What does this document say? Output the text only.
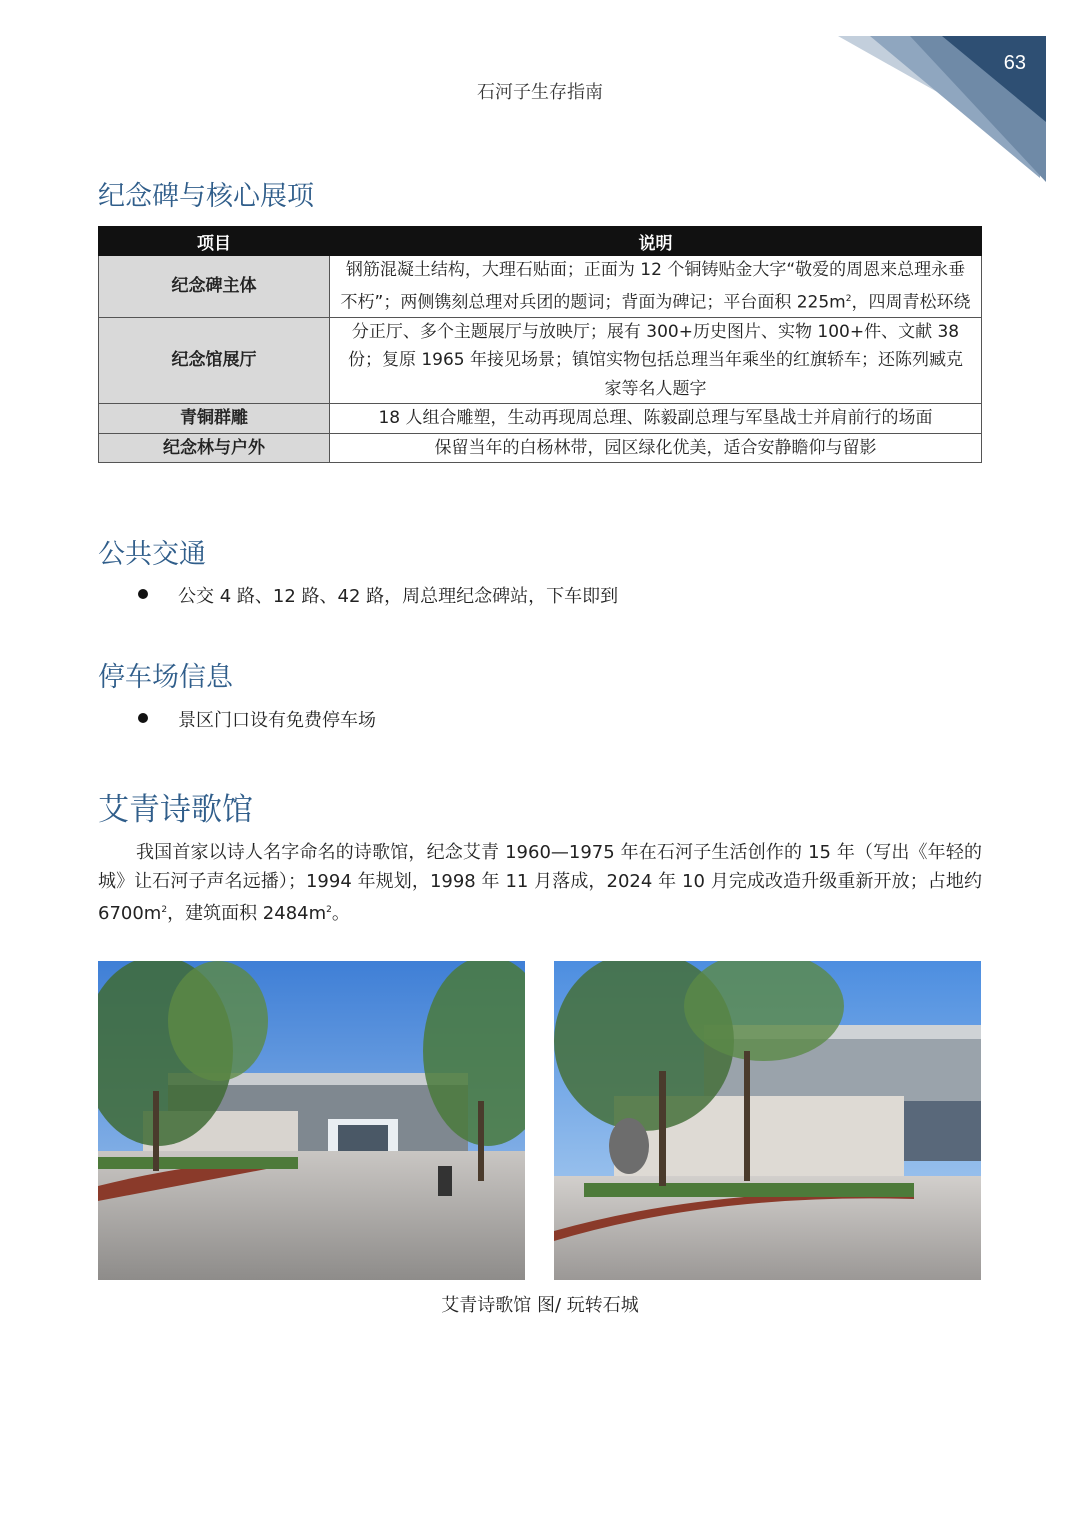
63
石河子生存指南
纪念碑与核心展项
项目	说明
纪念碑主体	钢筋混凝土结构，大理石贴面；正面为 12 个铜铸贴金大字“敬爱的周恩来总理永垂不朽”；两侧镌刻总理对兵团的题词；背面为碑记；平台面积 $225m^2$，四周青松环绕
纪念馆展厅	分正厅、多个主题展厅与放映厅；展有 300+历史图片、实物 100+件、文献 38 份；复原 1965 年接见场景；镇馆实物包括总理当年乘坐的红旗轿车；还陈列臧克家等名人题字
青铜群雕	18 人组合雕塑，生动再现周总理、陈毅副总理与军垦战士并肩前行的场面
纪念林与户外	保留当年的白杨林带，园区绿化优美，适合安静瞻仰与留影
公共交通
公交 4 路、12 路、42 路，周总理纪念碑站，下车即到
停车场信息
景区门口设有免费停车场
艾青诗歌馆

我国首家以诗人名字命名的诗歌馆，纪念艾青 1960—1975 年在石河子生活创作的 15 年（写出《年轻的城》让石河子声名远播）；1994 年规划，1998 年 11 月落成，2024 年 10 月完成改造升级重新开放；占地约 $6700m^2$，建筑面积 $2484m^2$。

艾青诗歌馆 图/ 玩转石城
